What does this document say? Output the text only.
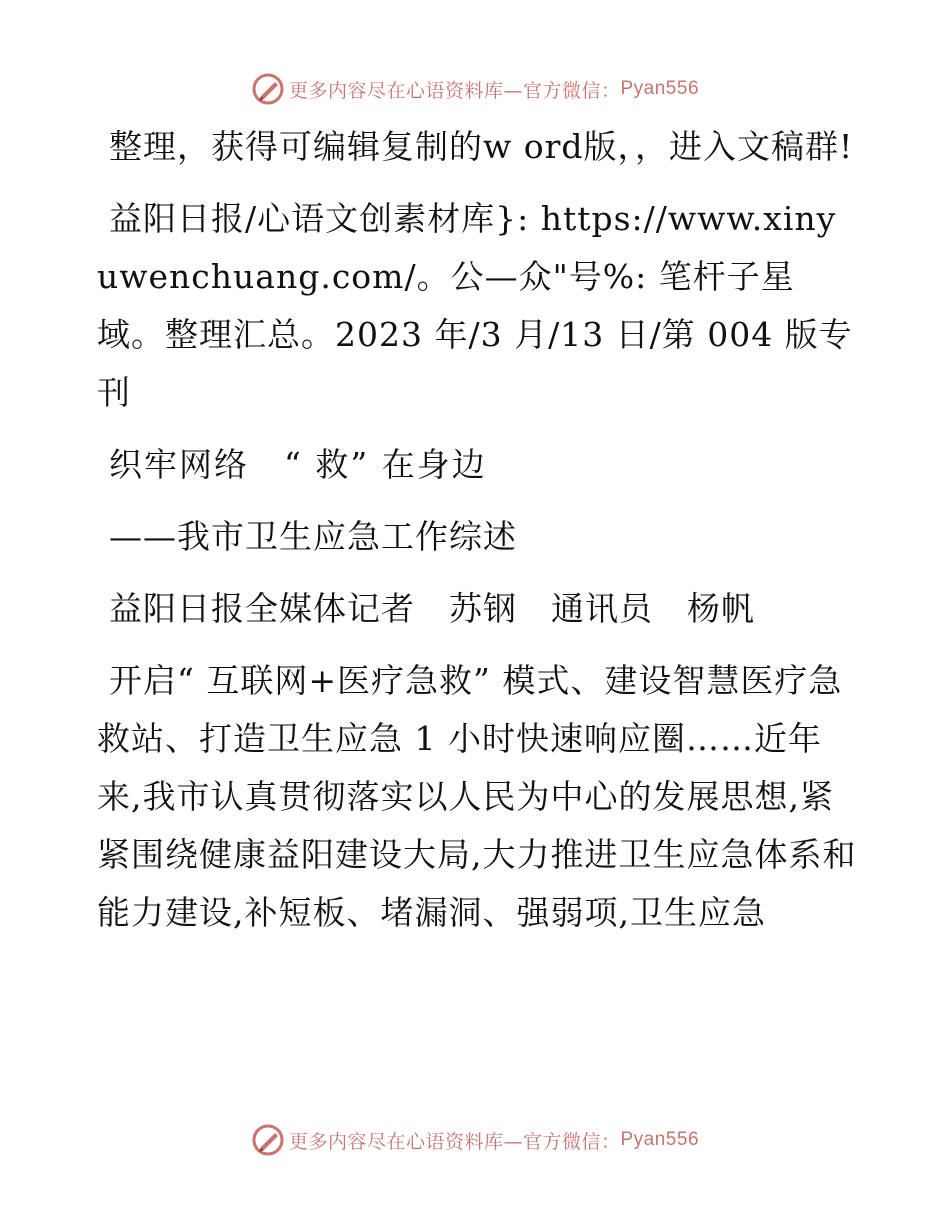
更多内容尽在心语资料库—官方微信： Pyan556

整理，获得可编辑复制的w ord版，，进入文稿群!

益阳日报/心语文创素材库}: https://www.xinyuwenchuang.com/。公—众"号%: 笔杆子星域。整理汇总。2023 年/3 月/13 日/第 004 版专刊

织牢网络　“ 救” 在身边

——我市卫生应急工作综述

益阳日报全媒体记者　苏钢　通讯员　杨帆

开启“ 互联网+医疗急救” 模式、建设智慧医疗急救站、打造卫生应急 1 小时快速响应圈……近年来,我市认真贯彻落实以人民为中心的发展思想,紧紧围绕健康益阳建设大局,大力推进卫生应急体系和能力建设,补短板、堵漏洞、强弱项,卫生应急

更多内容尽在心语资料库—官方微信： Pyan556
